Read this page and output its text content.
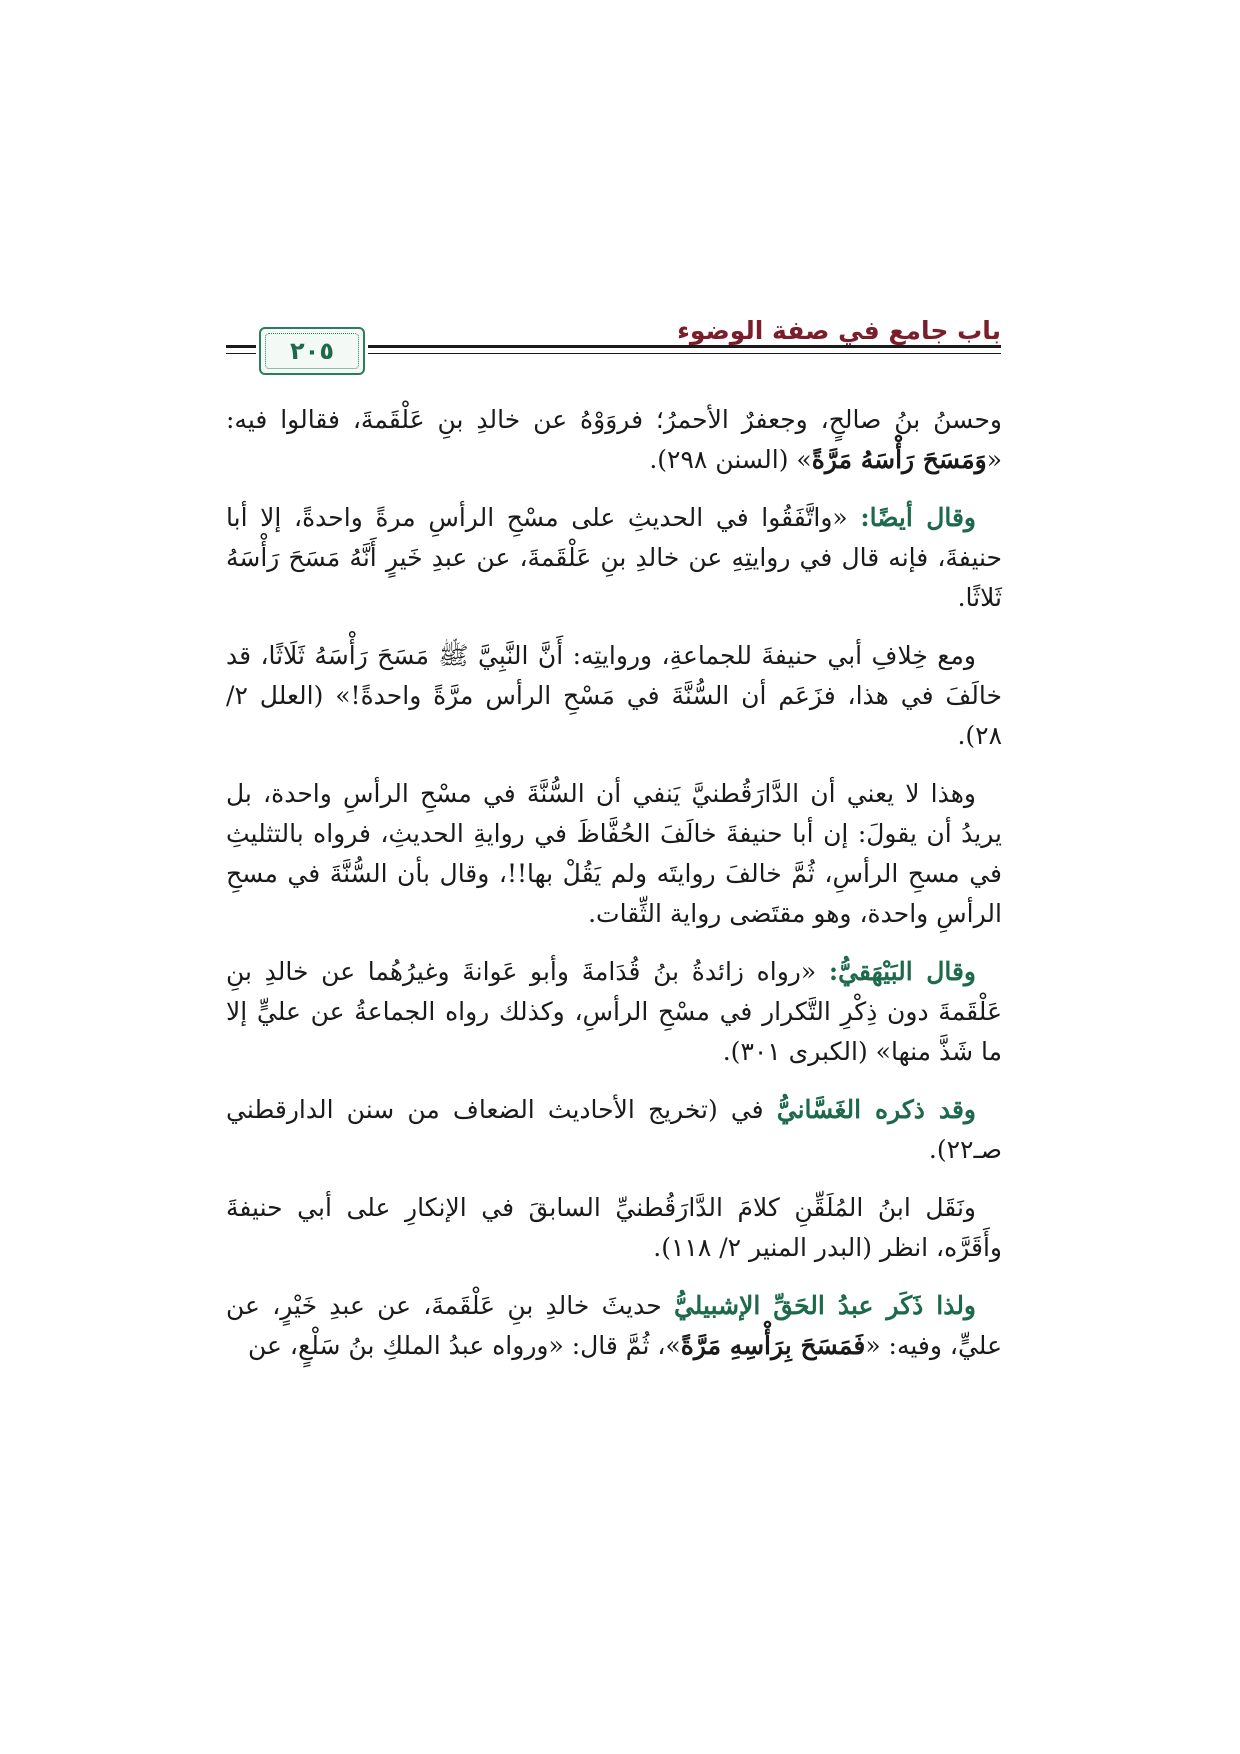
باب جامع في صفة الوضوء
٢٠٥

وحسنُ بنُ صالحٍ، وجعفرٌ الأحمرُ؛ فروَوْهُ عن خالدِ بنِ عَلْقَمةَ، فقالوا فيه: «وَمَسَحَ رَأْسَهُ مَرَّةً» (السنن ٢٩٨).

وقال أيضًا: «واتَّفَقُوا في الحديثِ على مسْحِ الرأسِ مرةً واحدةً، إلا أبا حنيفةَ، فإنه قال في روايتِهِ عن خالدِ بنِ عَلْقَمةَ، عن عبدِ خَيرٍ أَنَّهُ مَسَحَ رَأْسَهُ ثَلاثًا.

ومع خِلافِ أبي حنيفةَ للجماعةِ، وروايتِه: أَنَّ النَّبِيَّ ﷺ مَسَحَ رَأْسَهُ ثَلَاثًا، قد خالَفَ في هذا، فزَعَم أن السُّنَّةَ في مَسْحِ الرأس مرَّةً واحدةً!» (العلل ٢/ ٢٨).

وهذا لا يعني أن الدَّارَقُطنيَّ يَنفي أن السُّنَّةَ في مسْحِ الرأسِ واحدة، بل يريدُ أن يقولَ: إن أبا حنيفةَ خالَفَ الحُفَّاظَ في روايةِ الحديثِ، فرواه بالتثليثِ في مسحِ الرأسِ، ثُمَّ خالفَ روايتَه ولم يَقُلْ بها!!، وقال بأن السُّنَّةَ في مسحِ الرأسِ واحدة، وهو مقتَضى رواية الثِّقات.

وقال البَيْهَقيُّ: «رواه زائدةُ بنُ قُدَامةَ وأبو عَوانةَ وغيرُهُما عن خالدِ بنِ عَلْقَمةَ دون ذِكْرِ التَّكرار في مسْحِ الرأسِ، وكذلك رواه الجماعةُ عن عليٍّ إلا ما شَذَّ منها» (الكبرى ٣٠١).

وقد ذكره الغَسَّانيُّ في (تخريج الأحاديث الضعاف من سنن الدارقطني صـ٢٢).

ونَقَل ابنُ المُلَقِّنِ كلامَ الدَّارَقُطنيِّ السابقَ في الإنكارِ على أبي حنيفةَ وأَقَرَّه، انظر (البدر المنير ٢/ ١١٨).

ولذا ذَكَر عبدُ الحَقِّ الإشبيليُّ حديثَ خالدِ بنِ عَلْقَمةَ، عن عبدِ خَيْرٍ، عن عليٍّ، وفيه: «فَمَسَحَ بِرَأْسِهِ مَرَّةً»، ثُمَّ قال: «ورواه عبدُ الملكِ بنُ سَلْعٍ، عن
